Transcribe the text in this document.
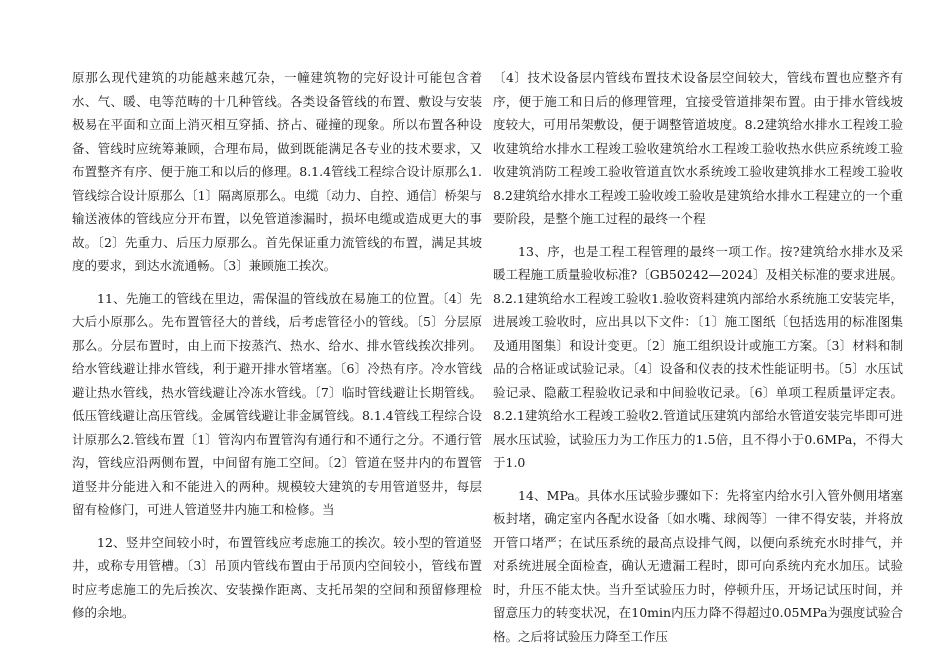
原那么现代建筑的功能越来越冗杂，一幢建筑物的完好设计可能包含着水、气、暖、电等范畴的十几种管线。各类设备管线的布置、敷设与安装极易在平面和立面上消灭相互穿插、挤占、碰撞的现象。所以布置各种设备、管线时应统筹兼顾，合理布局，做到既能满足各专业的技术要求，又布置整齐有序、便于施工和以后的修理。8.1.4管线工程综合设计原那么1.管线综合设计原那么〔1〕隔离原那么。电缆〔动力、自控、通信〕桥架与输送液体的管线应分开布置，以免管道渗漏时，损坏电缆或造成更大的事故。〔2〕先重力、后压力原那么。首先保证重力流管线的布置，满足其坡度的要求，到达水流通畅。〔3〕兼顾施工挨次。

11、先施工的管线在里边，需保温的管线放在易施工的位置。〔4〕先大后小原那么。先布置管径大的普线，后考虑管径小的管线。〔5〕分层原那么。分层布置时，由上而下按蒸汽、热水、给水、排水管线挨次排列。给水管线避让排水管线，利于避开排水管堵塞。〔6〕冷热有序。冷水管线避让热水管线，热水管线避让冷冻水管线。〔7〕临时管线避让长期管线。低压管线避让高压管线。金属管线避让非金属管线。8.1.4管线工程综合设计原那么2.管线布置〔1〕管沟内布置管沟有通行和不通行之分。不通行管沟，管线应沿两侧布置，中间留有施工空间。〔2〕管道在竖井内的布置管道竖井分能进入和不能进入的两种。规模较大建筑的专用管道竖井，每层留有检修门，可进人管道竖井内施工和检修。当

12、竖井空间较小时，布置管线应考虑施工的挨次。较小型的管道竖井，或称专用管槽。〔3〕吊顶内管线布置由于吊顶内空间较小，管线布置时应考虑施工的先后挨次、安装操作距离、支托吊架的空间和预留修理检修的余地。

〔4〕技术设备层内管线布置技术设备层空间较大，管线布置也应整齐有序，便于施工和日后的修理管理，宜接受管道排架布置。由于排水管线坡度较大，可用吊架敷设，便于调整管道坡度。8.2建筑给水排水工程竣工验收建筑给水排水工程竣工验收建筑给水工程竣工验收热水供应系统竣工验收建筑消防工程竣工验收管道直饮水系统竣工验收建筑排水工程竣工验收8.2建筑给水排水工程竣工验收竣工验收是建筑给水排水工程建立的一个重要阶段，是整个施工过程的最终一个程

13、序，也是工程工程管理的最终一项工作。按?建筑给水排水及采暖工程施工质量验收标准?〔GB50242—2024〕及相关标准的要求进展。8.2.1建筑给水工程竣工验收1.验收资料建筑内部给水系统施工安装完毕，进展竣工验收时，应出具以下文件：〔1〕施工图纸〔包括选用的标准图集及通用图集〕和设计变更。〔2〕施工组织设计或施工方案。〔3〕材料和制品的合格证或试验记录。〔4〕设备和仪表的技术性能证明书。〔5〕水压试验记录、隐蔽工程验收记录和中间验收记录。〔6〕单项工程质量评定表。8.2.1建筑给水工程竣工验收2.管道试压建筑内部给水管道安装完毕即可进展水压试验，试验压力为工作压力的1.5倍，且不得小于0.6MPa，不得大于1.0

14、MPa。具体水压试验步骤如下：先将室内给水引入管外侧用堵塞板封堵，确定室内各配水设备〔如水嘴、球阀等〕一律不得安装，并将放开管口堵严；在试压系统的最高点设排气阀，以便向系统充水时排气，并对系统进展全面检查，确认无遗漏工程时，即可向系统内充水加压。试验时，升压不能太快。当升至试验压力时，停顿升压，开场记试压时间，并留意压力的转变状况，在10min内压力降不得超过0.05MPa为强度试验合格。之后将试验压力降至工作压
